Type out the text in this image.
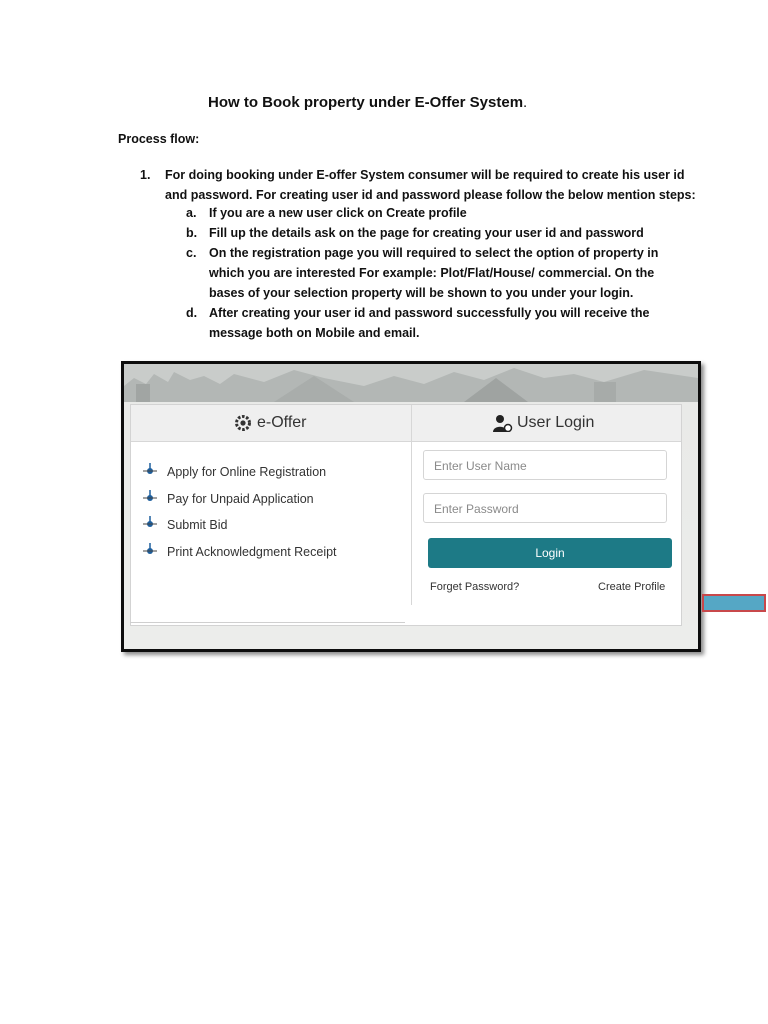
How to Book property under E-Offer System.
Process flow:
1. For doing booking under E-offer System consumer will be required to create his user id and password. For creating user id and password please follow the below mention steps:
a. If you are a new user click on Create profile
b. Fill up the details ask on the page for creating your user id and password
c. On the registration page you will required to select the option of property in which you are interested For example: Plot/Flat/House/ commercial. On the bases of your selection property will be shown to you under your login.
d. After creating your user id and password successfully you will receive the message both on Mobile and email.
e-Offer	User Login
Apply for Online Registration
Pay for Unpaid Application
Submit Bid
Print Acknowledgment Receipt
Enter User Name
Enter Password
Login
Forget Password?	Create Profile
